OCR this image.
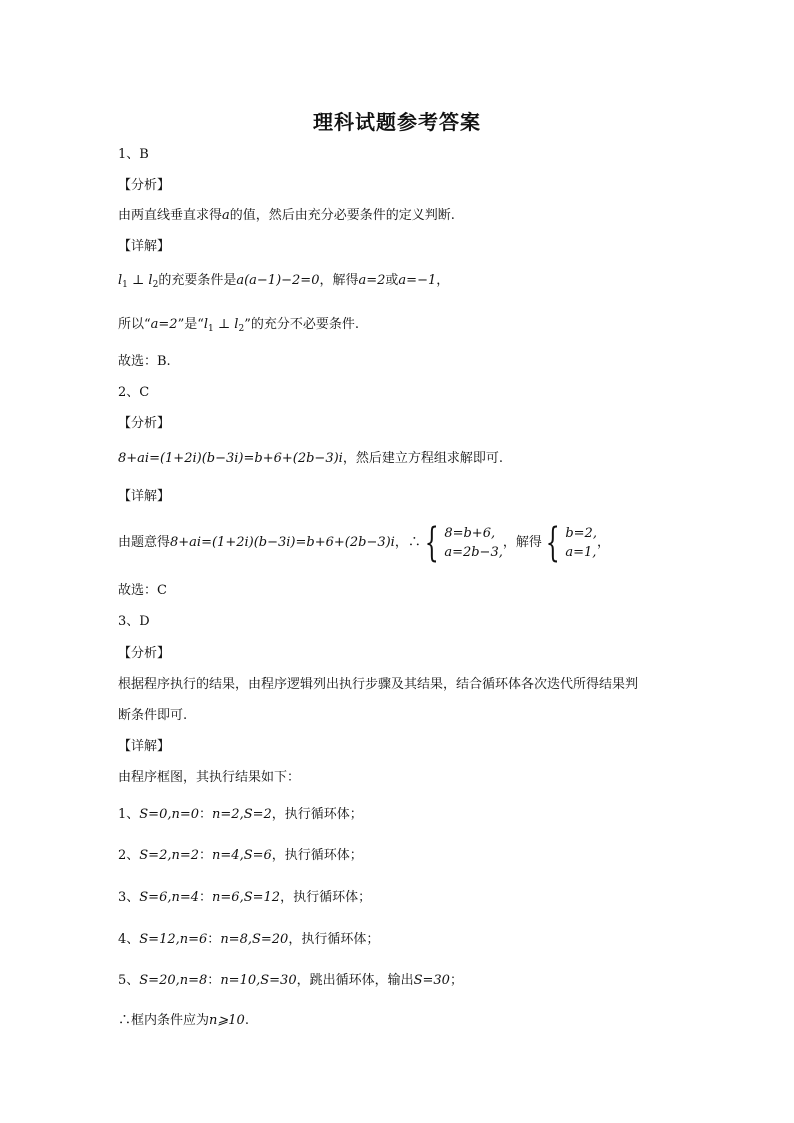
理科试题参考答案
1、B
【分析】
由两直线垂直求得a的值，然后由充分必要条件的定义判断.
【详解】
$l_1$ ⊥ $l_2$的充要条件是a(a−1)−2=0，解得a=2或a=−1，
所以“a=2”是“$l_1$ ⊥ $l_2$”的充分不必要条件.
故选：B.
2、C
【分析】
8+ai=(1+2i)(b−3i)=b+6+(2b−3)i，然后建立方程组求解即可.
【详解】
由题意得 8+ai=(1+2i)(b−3i)=b+6+(2b−3)i ，∴ { 8=b+6,
a=2b−3,
，解得 { b=2,
a=1,
，
故选：C
3、D
【分析】
根据程序执行的结果，由程序逻辑列出执行步骤及其结果，结合循环体各次迭代所得结果判
断条件即可.
【详解】
由程序框图，其执行结果如下：
1、S=0,n=0：n=2,S=2，执行循环体；
2、S=2,n=2：n=4,S=6，执行循环体；
3、S=6,n=4：n=6,S=12，执行循环体；
4、S=12,n=6：n=8,S=20，执行循环体；
5、S=20,n=8：n=10,S=30，跳出循环体，输出S=30；
∴框内条件应为n⩾10.
